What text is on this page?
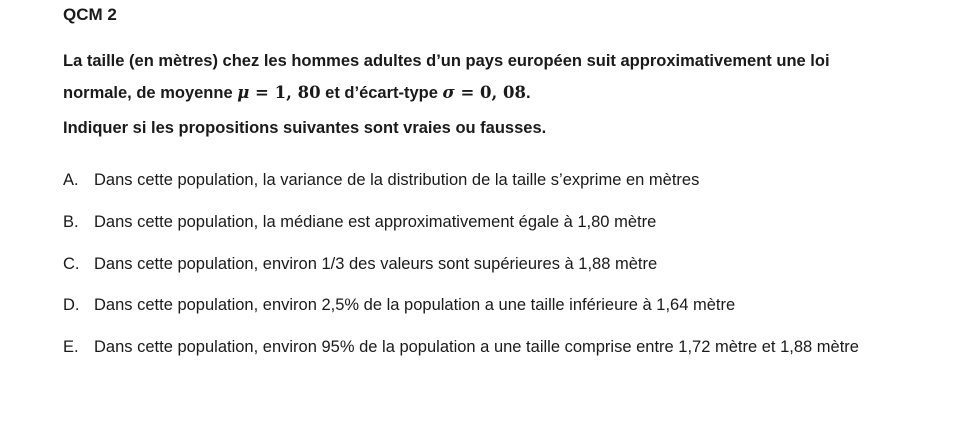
QCM 2
La taille (en mètres) chez les hommes adultes d’un pays européen suit approximativement une loi
normale, de moyenne μ = 1, 80 et d’écart-type σ = 0, 08.
Indiquer si les propositions suivantes sont vraies ou fausses.
A. Dans cette population, la variance de la distribution de la taille s’exprime en mètres
B. Dans cette population, la médiane est approximativement égale à 1,80 mètre
C. Dans cette population, environ 1/3 des valeurs sont supérieures à 1,88 mètre
D. Dans cette population, environ 2,5% de la population a une taille inférieure à 1,64 mètre
E. Dans cette population, environ 95% de la population a une taille comprise entre 1,72 mètre et 1,88 mètre
